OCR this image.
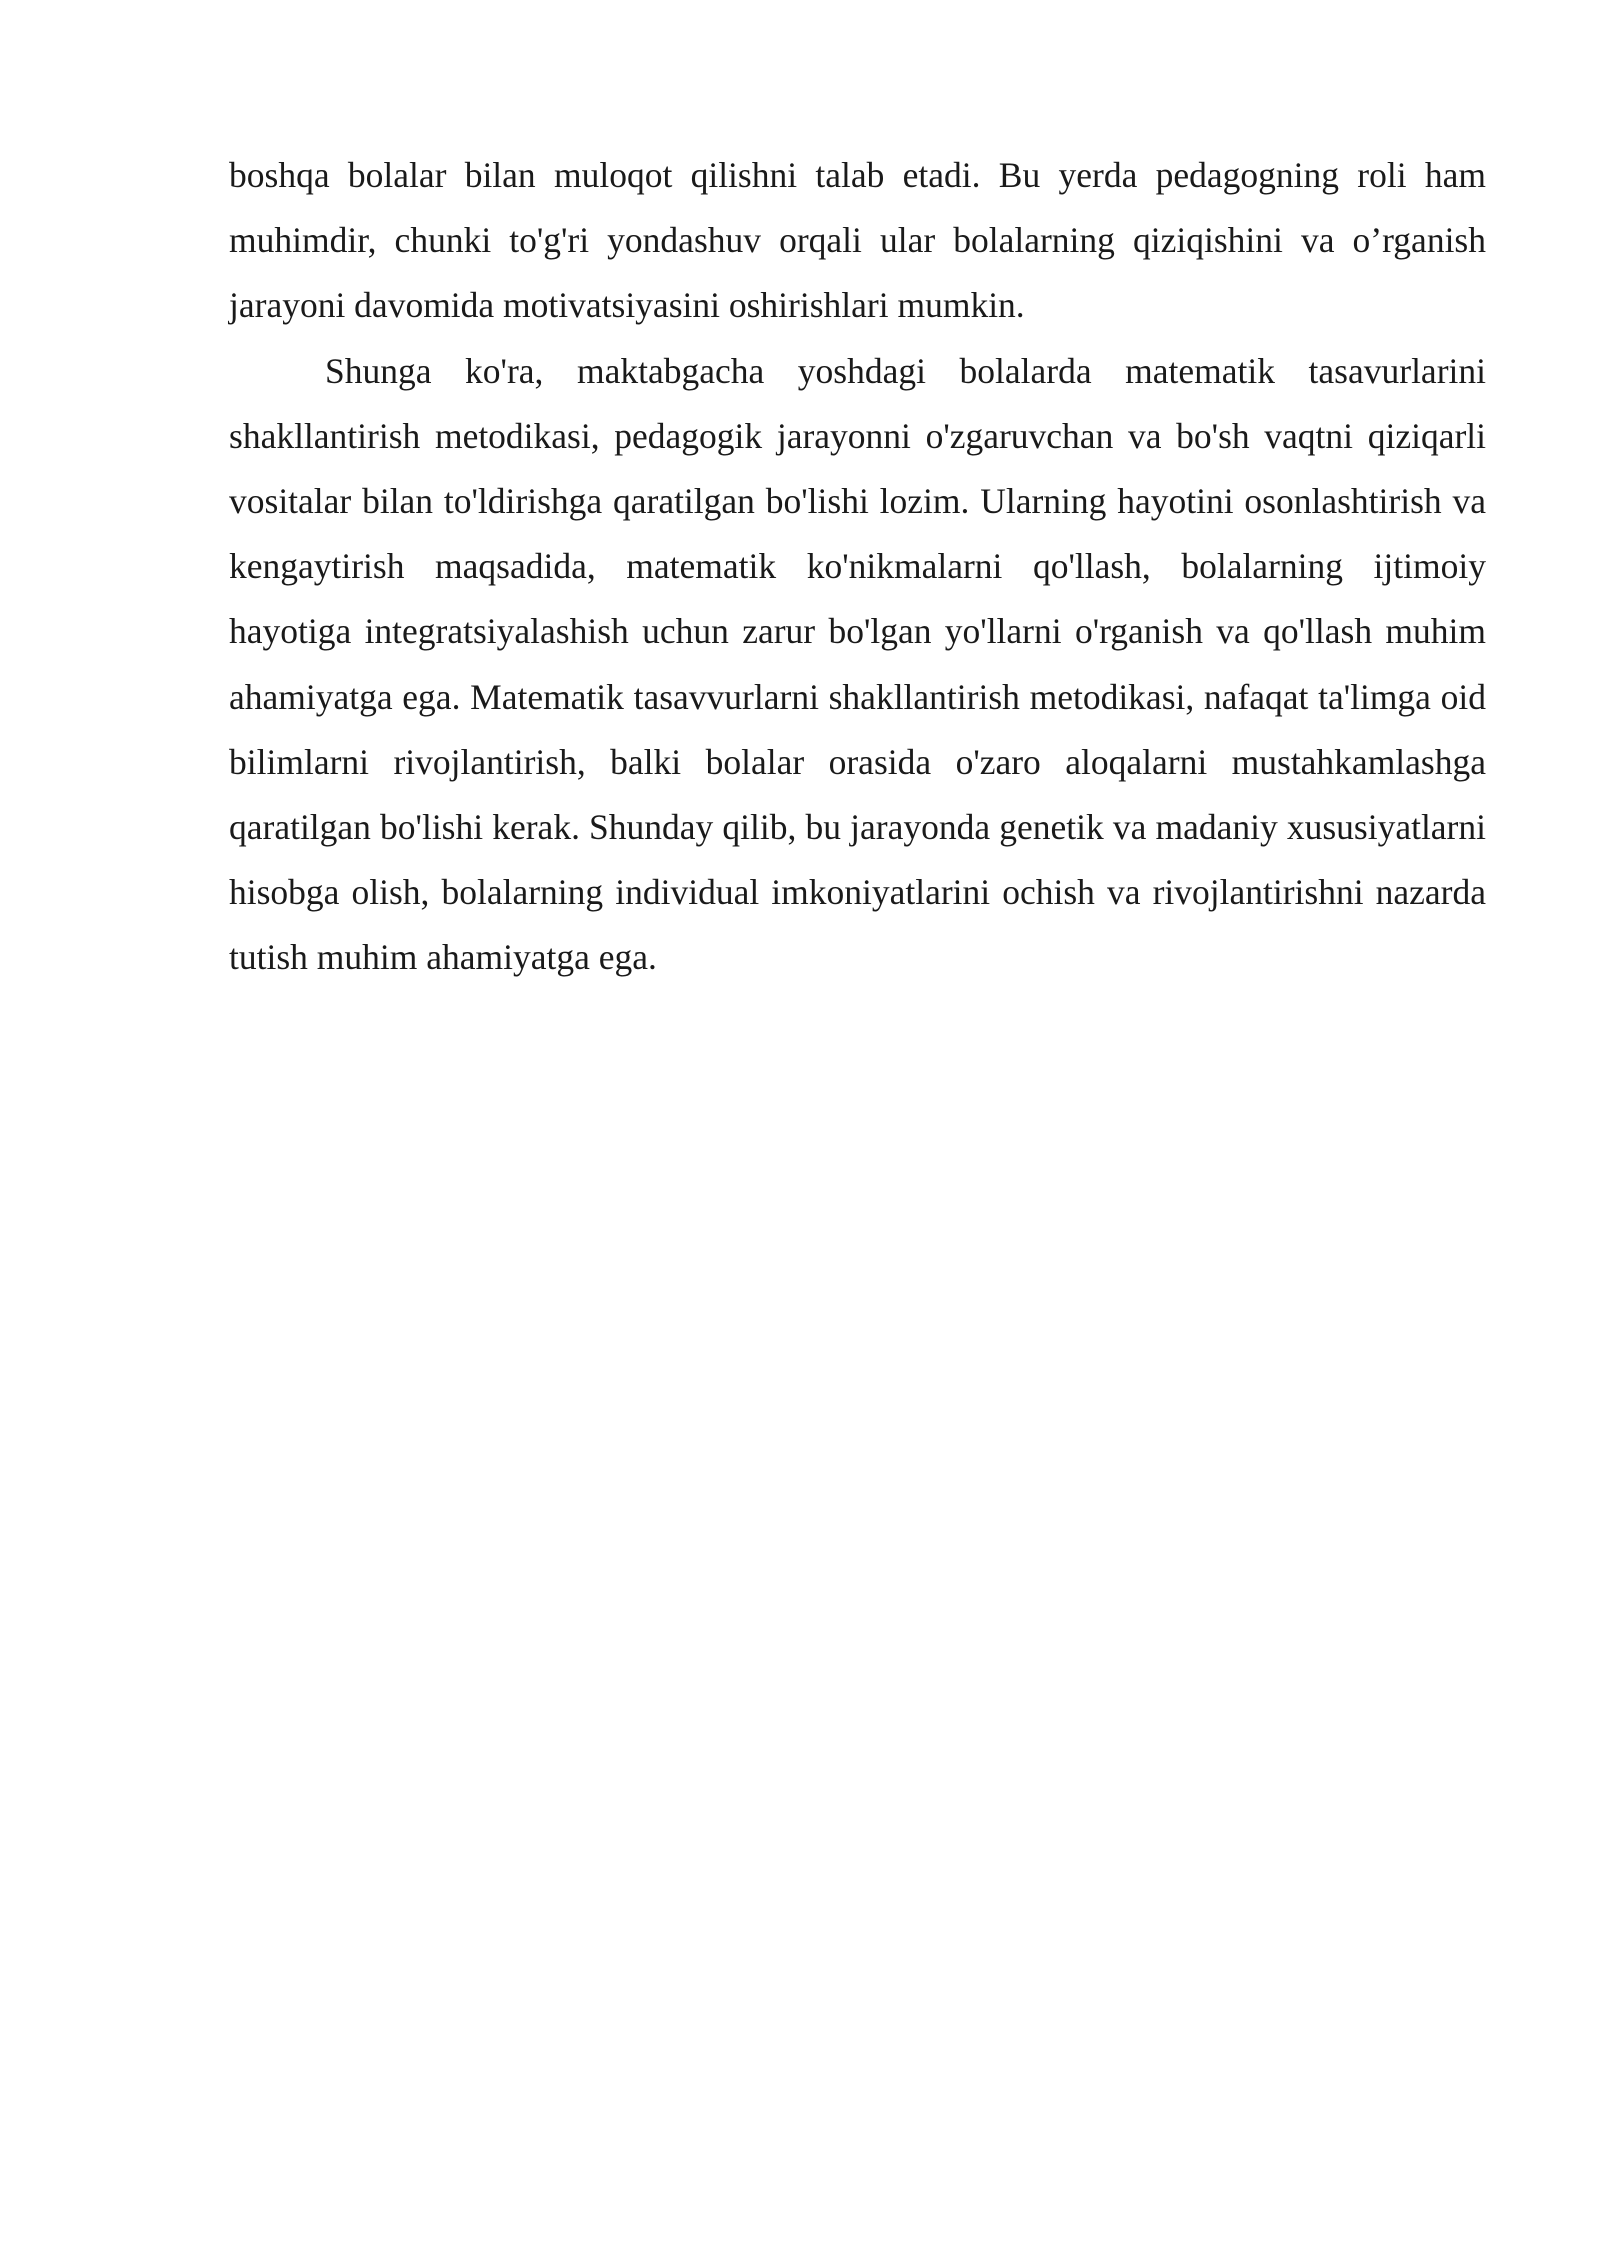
boshqa bolalar bilan muloqot qilishni talab etadi. Bu yerda pedagogning roli ham muhimdir, chunki to'g'ri yondashuv orqali ular bolalarning qiziqishini va o’rganish jarayoni davomida motivatsiyasini oshirishlari mumkin.

Shunga ko'ra, maktabgacha yoshdagi bolalarda matematik tasavurlarini shakllantirish metodikasi, pedagogik jarayonni o'zgaruvchan va bo'sh vaqtni qiziqarli vositalar bilan to'ldirishga qaratilgan bo'lishi lozim. Ularning hayotini osonlashtirish va kengaytirish maqsadida, matematik ko'nikmalarni qo'llash, bolalarning ijtimoiy hayotiga integratsiyalashish uchun zarur bo'lgan yo'llarni o'rganish va qo'llash muhim ahamiyatga ega. Matematik tasavvurlarni shakllantirish metodikasi, nafaqat ta'limga oid bilimlarni rivojlantirish, balki bolalar orasida o'zaro aloqalarni mustahkamlashga qaratilgan bo'lishi kerak. Shunday qilib, bu jarayonda genetik va madaniy xususiyatlarni hisobga olish, bolalarning individual imkoniyatlarini ochish va rivojlantirishni nazarda tutish muhim ahamiyatga ega.
